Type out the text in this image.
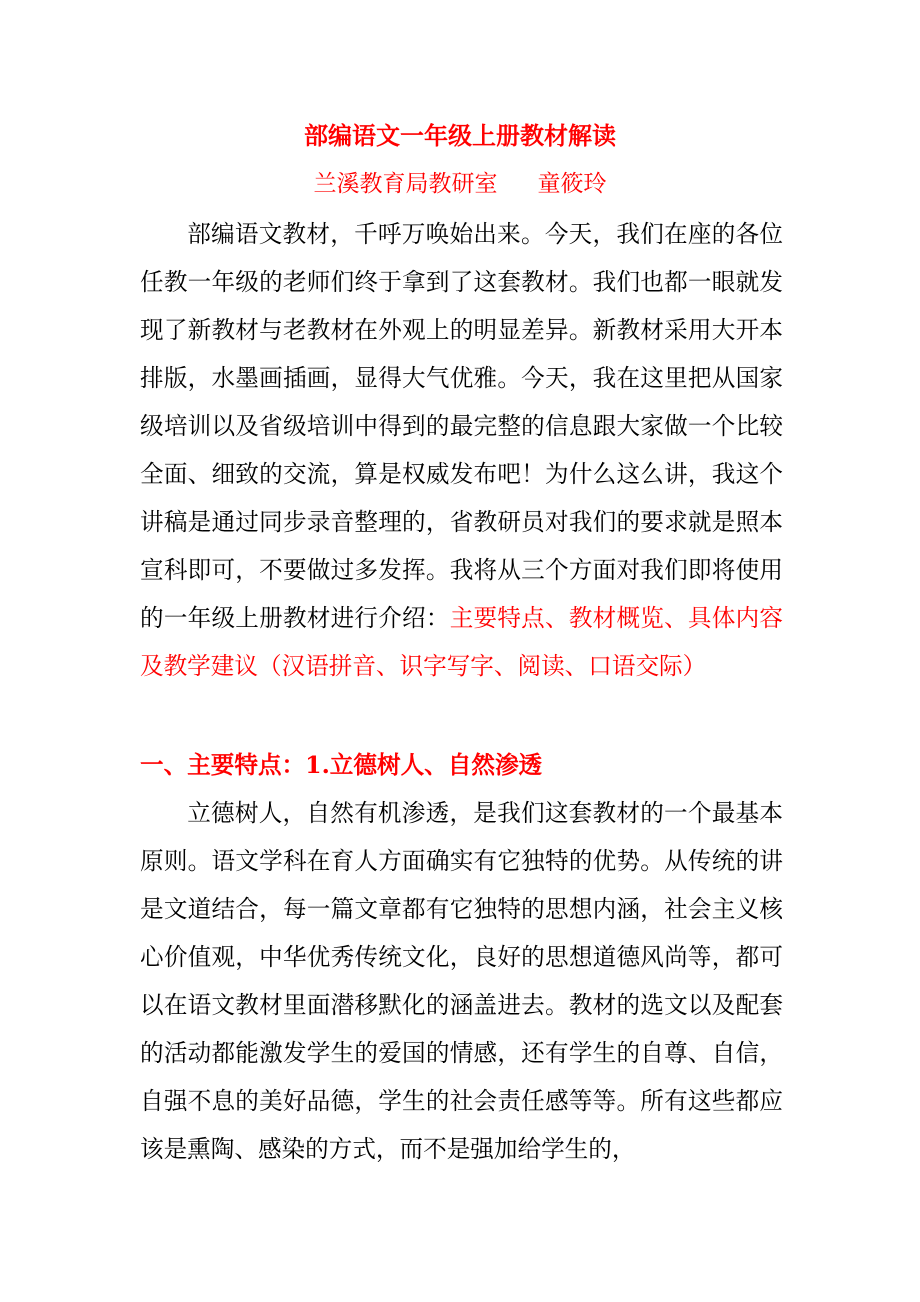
部编语文一年级上册教材解读
兰溪教育局教研室 童筱玲

部编语文教材，千呼万唤始出来。今天，我们在座的各位任教一年级的老师们终于拿到了这套教材。我们也都一眼就发现了新教材与老教材在外观上的明显差异。新教材采用大开本排版，水墨画插画，显得大气优雅。今天，我在这里把从国家级培训以及省级培训中得到的最完整的信息跟大家做一个比较全面、细致的交流，算是权威发布吧！为什么这么讲，我这个讲稿是通过同步录音整理的，省教研员对我们的要求就是照本宣科即可，不要做过多发挥。我将从三个方面对我们即将使用的一年级上册教材进行介绍：主要特点、教材概览、具体内容及教学建议（汉语拼音、识字写字、阅读、口语交际）

一、主要特点：1.立德树人、自然渗透

立德树人，自然有机渗透，是我们这套教材的一个最基本原则。语文学科在育人方面确实有它独特的优势。从传统的讲是文道结合，每一篇文章都有它独特的思想内涵，社会主义核心价值观，中华优秀传统文化，良好的思想道德风尚等，都可以在语文教材里面潜移默化的涵盖进去。教材的选文以及配套的活动都能激发学生的爱国的情感，还有学生的自尊、自信，自强不息的美好品德，学生的社会责任感等等。所有这些都应该是熏陶、感染的方式，而不是强加给学生的，
